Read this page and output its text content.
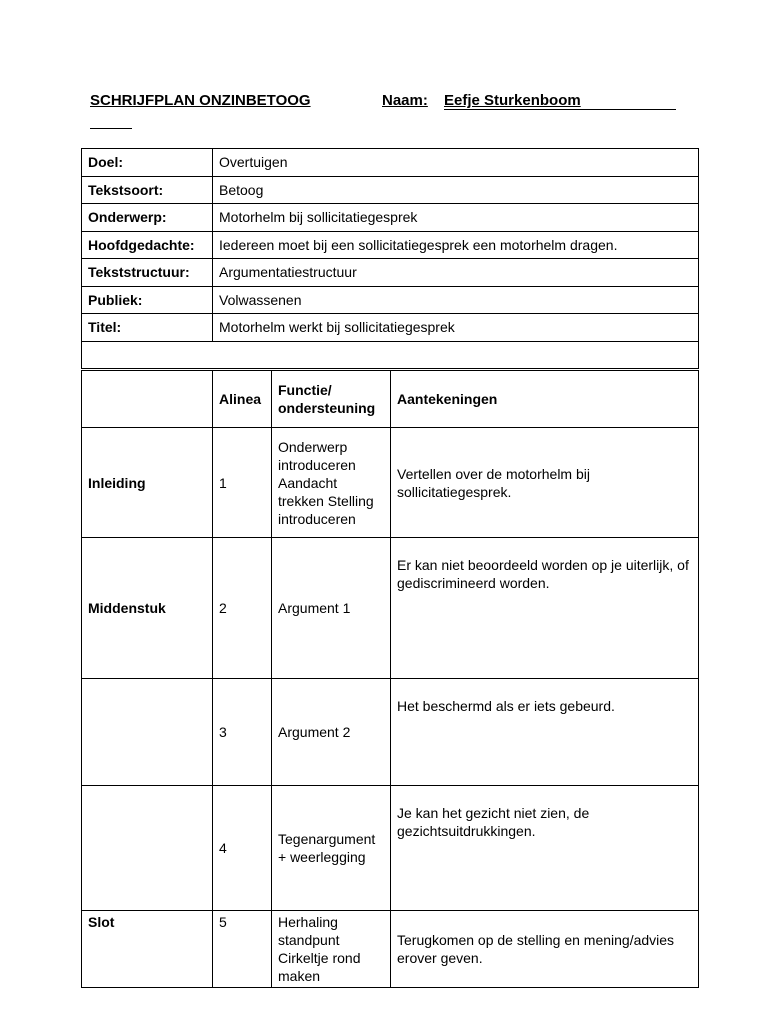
SCHRIJFPLAN ONZINBETOOG	Naam: Eefje Sturkenboom
Doel:	Overtuigen
Tekstsoort:	Betoog
Onderwerp:	Motorhelm bij sollicitatiegesprek
Hoofdgedachte:	Iedereen moet bij een sollicitatiegesprek een motorhelm dragen.
Tekststructuur:	Argumentatiestructuur
Publiek:	Volwassenen
Titel:	Motorhelm werkt bij sollicitatiegesprek

	Alinea	Functie/ ondersteuning	Aantekeningen
Inleiding	1	Onderwerp introduceren Aandacht trekken Stelling introduceren	Vertellen over de motorhelm bij sollicitatiegesprek.
Middenstuk	2	Argument 1	Er kan niet beoordeeld worden op je uiterlijk, of gediscrimineerd worden.
	3	Argument 2	Het beschermd als er iets gebeurd.
	4	Tegenargument + weerlegging	Je kan het gezicht niet zien, de gezichtsuitdrukkingen.
Slot	5	Herhaling standpunt Cirkeltje rond maken	Terugkomen op de stelling en mening/advies erover geven.
